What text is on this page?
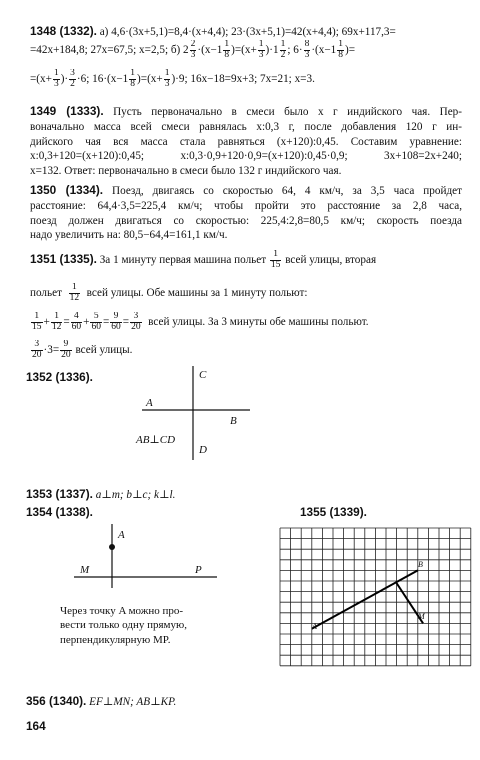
1348 (1332). а) 4,6·(3x+5,1)=8,4·(x+4,4); 23·(3x+5,1)=42(x+4,4); 69x+117,3=
=42x+184,8; 27x=67,5; x=2,5; б) $2 \frac{2}{3} \cdot(x-1 \frac{1}{8} )=(x+ \frac{1}{3} )\cdot 1 \frac{1}{2}$ ; $6\cdot \frac{8}{3} \cdot(x-1 \frac{1}{8}$ )=
$=(x+ \frac{1}{3}$ )· $\frac{3}{2} \cdot 6$; $16\cdot(x-1 \frac{1}{8} )=(x+ \frac{1}{3} )\cdot 9$; 16x−18=9x+3; 7x=21; x=3.
1349 (1333). Пусть первоначально в смеси было x г индийского чая. Пер-
воначально масса всей смеси равнялась x:0,3 г, после добавления 120 г ин-
дийского чая вся масса стала равняться (x+120):0,45. Составим уравнение:
x:0,3+120=(x+120):0,45; x:0,3·0,9+120·0,9=(x+120):0,45·0,9; 3x+108=2x+240;
x=132. Ответ: первоначально в смеси было 132 г индийского чая.
1350 (1334). Поезд, двигаясь со скоростью 64, 4 км/ч, за 3,5 часа пройдет
расстояние: 64,4·3,5=225,4 км/ч; чтобы пройти это расстояние за 2,8 часа,
поезд должен двигаться со скоростью: 225,4:2,8=80,5 км/ч; скорость поезда
надо увеличить на: 80,5−64,4=161,1 км/ч.
1351 (1335). За 1 минуту первая машина польет $\frac{1}{15}$ всей улицы, вторая
польет $\frac{1}{12}$ всей улицы. Обе машины за 1 минуту польют:
$\frac{1}{15} + \frac{1}{12} = \frac{4}{60} + \frac{5}{60} = \frac{9}{60} = \frac{3}{20}$ всей улицы. За 3 минуты обе машины польют.
$\frac{3}{20} \cdot 3= \frac{9}{20}$ всей улицы.
1352 (1336).	C
A
B
D
AB⊥CD
1353 (1337). a⊥m; b⊥c; k⊥l.
1354 (1338).
A
M	P
Через точку A можно про-
вести только одну прямую,
перпендикулярную MP.
1355 (1339).
A
B
M
356 (1340). EF⊥MN; AB⊥KP.
164
